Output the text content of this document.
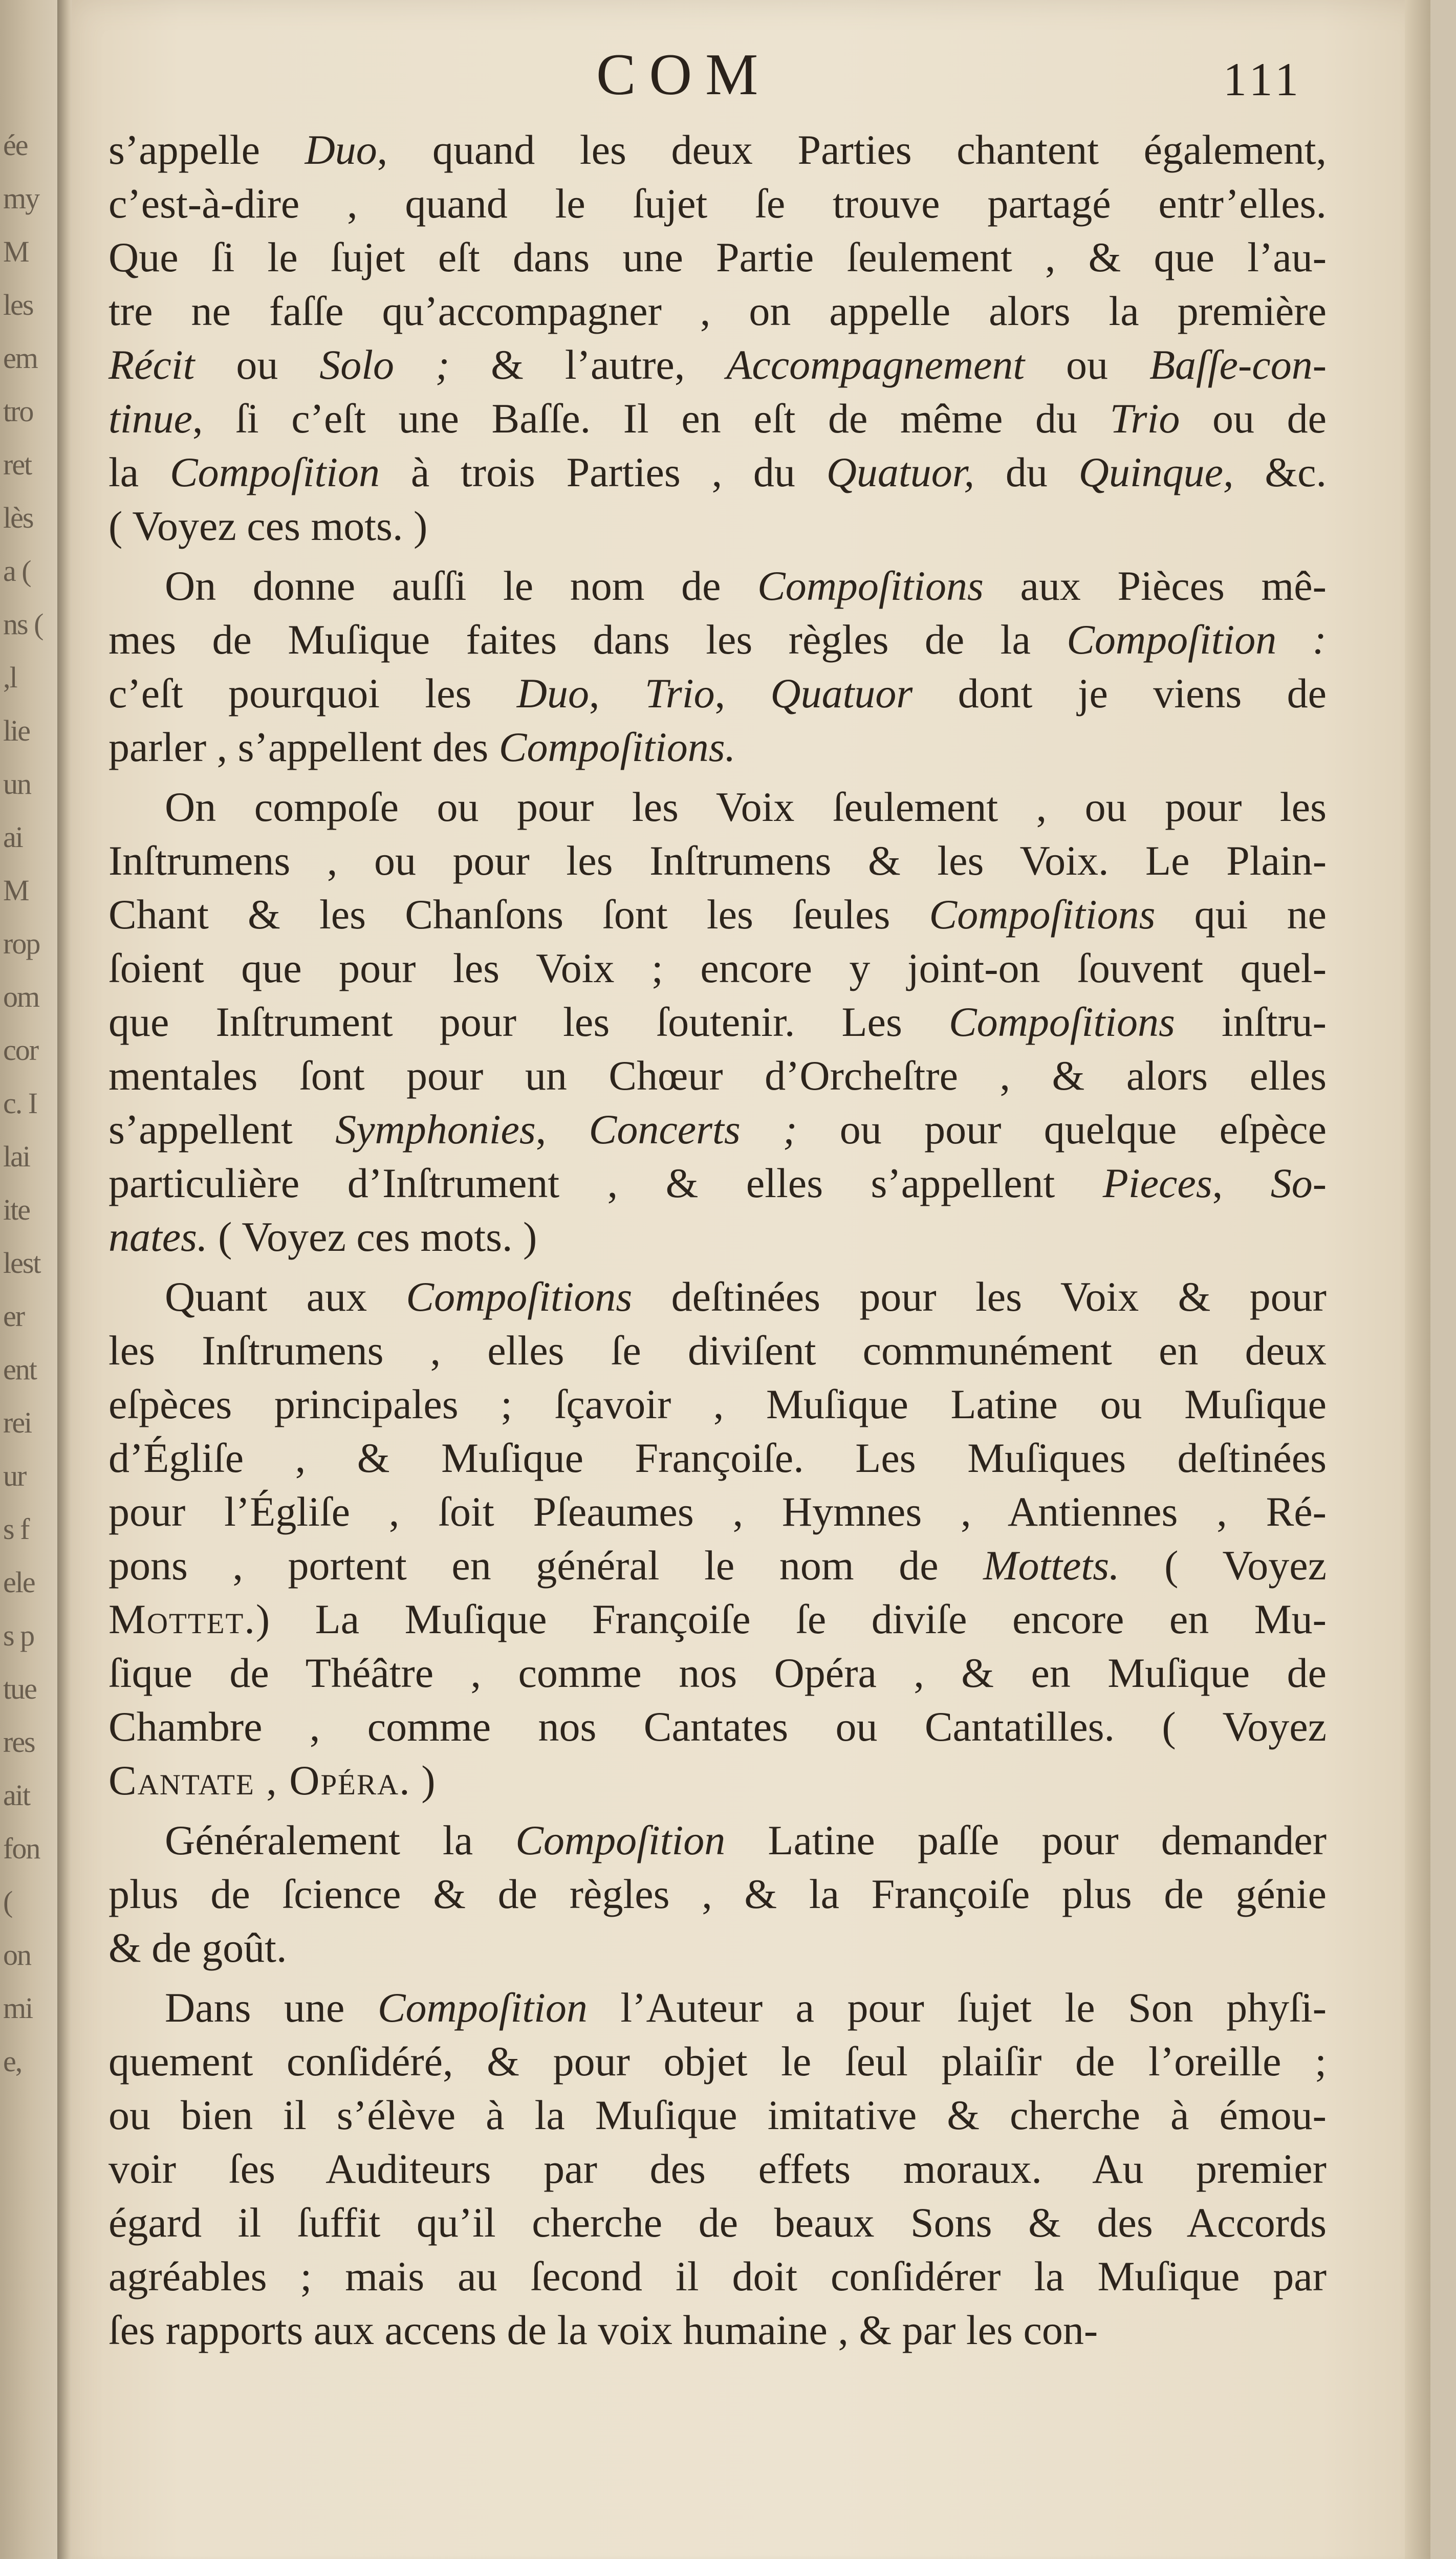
ée
my
M
les
em
tro
ret
lès
a (
ns (
,l
lie
un
ai
M
rop
om
cor
c. I
lai
ite
lest
er
ent
rei
ur
s f
ele
s p
tue
res
ait
fon
(
on
mi
e,
COM	111
s’appelle Duo, quand les deux Parties chantent également,
c’est-à-dire , quand le ſujet ſe trouve partagé entr’elles.
Que ſi le ſujet eſt dans une Partie ſeulement , & que l’au-
tre ne faſſe qu’accompagner , on appelle alors la première
Récit ou Solo ; & l’autre, Accompagnement ou Baſſe-con-
tinue, ſi c’eſt une Baſſe. Il en eſt de même du Trio ou de
la Compoſition à trois Parties , du Quatuor, du Quinque, &c.
( Voyez ces mots. )
On donne auſſi le nom de Compoſitions aux Pièces mê-
mes de Muſique faites dans les règles de la Compoſition :
c’eſt pourquoi les Duo, Trio, Quatuor dont je viens de
parler , s’appellent des Compoſitions.
On compoſe ou pour les Voix ſeulement , ou pour les
Inſtrumens , ou pour les Inſtrumens & les Voix. Le Plain-
Chant & les Chanſons ſont les ſeules Compoſitions qui ne
ſoient que pour les Voix ; encore y joint-on ſouvent quel-
que Inſtrument pour les ſoutenir. Les Compoſitions inſtru-
mentales ſont pour un Chœur d’Orcheſtre , & alors elles
s’appellent Symphonies, Concerts ; ou pour quelque eſpèce
particulière d’Inſtrument , & elles s’appellent Pieces, So-
nates. ( Voyez ces mots. )
Quant aux Compoſitions deſtinées pour les Voix & pour
les Inſtrumens , elles ſe diviſent communément en deux
eſpèces principales ; ſçavoir , Muſique Latine ou Muſique
d’Égliſe , & Muſique Françoiſe. Les Muſiques deſtinées
pour l’Égliſe , ſoit Pſeaumes , Hymnes , Antiennes , Ré-
pons , portent en général le nom de Mottets. ( Voyez
Mottet.) La Muſique Françoiſe ſe diviſe encore en Mu-
ſique de Théâtre , comme nos Opéra , & en Muſique de
Chambre , comme nos Cantates ou Cantatilles. ( Voyez
Cantate , Opéra. )
Généralement la Compoſition Latine paſſe pour demander
plus de ſcience & de règles , & la Françoiſe plus de génie
& de goût.
Dans une Compoſition l’Auteur a pour ſujet le Son phyſi-
quement conſidéré, & pour objet le ſeul plaiſir de l’oreille ;
ou bien il s’élève à la Muſique imitative & cherche à émou-
voir ſes Auditeurs par des effets moraux. Au premier
égard il ſuffit qu’il cherche de beaux Sons & des Accords
agréables ; mais au ſecond il doit conſidérer la Muſique par
ſes rapports aux accens de la voix humaine , & par les con-
